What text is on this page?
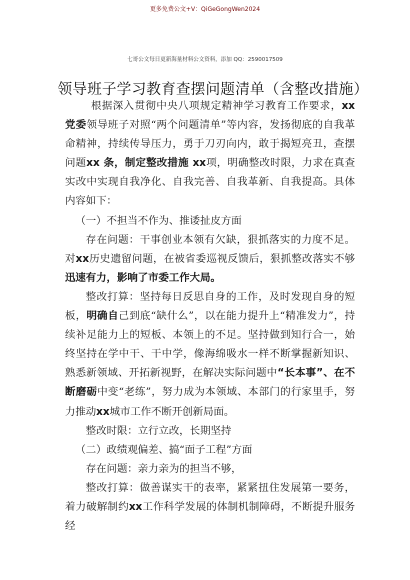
更多免费公文+V：QiGeGongWen2024
七哥公文每日更新海量材料公文资料，添加 QQ：2590017509
领导班子学习教育查摆问题清单（含整改措施）

根据深入贯彻中央八项规定精神学习教育工作要求，xx 党委领导班子对照“两个问题清单”等内容，发扬彻底的自我革命精神，持续传导压力，勇于刀刃向内，敢于揭短亮丑，查摆问题xx 条，制定整改措施 xx项，明确整改时限，力求在真查实改中实现自我净化、自我完善、自我革新、自我提高。具体内容如下：

（一）不担当不作为、推诿扯皮方面

存在问题：干事创业本领有欠缺，狠抓落实的力度不足。对xx历史遗留问题，在被省委巡视反馈后，狠抓整改落实不够迅速有力，影响了市委工作大局。

整改打算：坚持每日反思自身的工作，及时发现自身的短板，明确自己到底“缺什么”，以在能力提升上“精准发力”，持续补足能力上的短板、本领上的不足。坚持做到知行合一，始终坚持在学中干、干中学，像海绵吸水一样不断掌握新知识、熟悉新领域、开拓新视野，在解决实际问题中“长本事”、在不断磨砺中变“老练”，努力成为本领域、本部门的行家里手，努力推动xx城市工作不断开创新局面。

整改时限：立行立改，长期坚持

（二）政绩观偏差、搞“面子工程”方面

存在问题：亲力亲为的担当不够，

整改打算：做善谋实干的表率，紧紧扭住发展第一要务，着力破解制约xx工作科学发展的体制机制障碍，不断提升服务经
